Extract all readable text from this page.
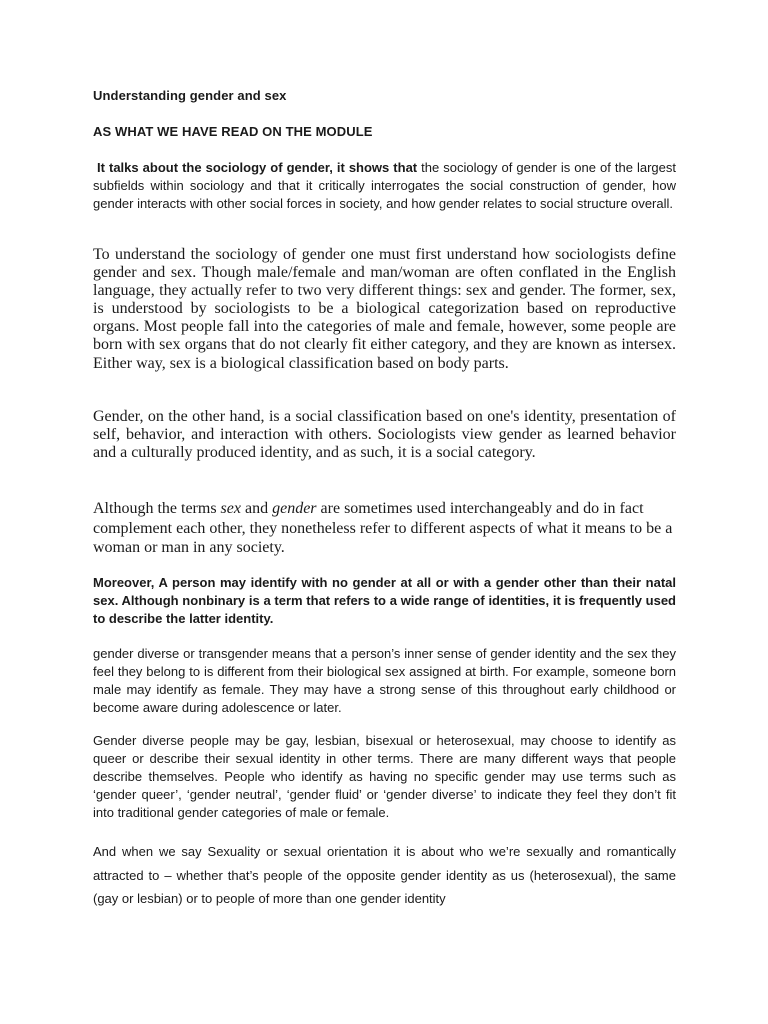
Understanding gender and sex
AS WHAT WE HAVE READ ON THE MODULE

It talks about the sociology of gender, it shows that the sociology of gender is one of the largest subfields within sociology and that it critically interrogates the social construction of gender, how gender interacts with other social forces in society, and how gender relates to social structure overall.

To understand the sociology of gender one must first understand how sociologists define gender and sex. Though male/female and man/woman are often conflated in the English language, they actually refer to two very different things: sex and gender. The former, sex, is understood by sociologists to be a biological categorization based on reproductive organs. Most people fall into the categories of male and female, however, some people are born with sex organs that do not clearly fit either category, and they are known as intersex. Either way, sex is a biological classification based on body parts.

Gender, on the other hand, is a social classification based on one's identity, presentation of self, behavior, and interaction with others. Sociologists view gender as learned behavior and a culturally produced identity, and as such, it is a social category.

Although the terms sex and gender are sometimes used interchangeably and do in fact complement each other, they nonetheless refer to different aspects of what it means to be a woman or man in any society.

Moreover, A person may identify with no gender at all or with a gender other than their natal sex. Although nonbinary is a term that refers to a wide range of identities, it is frequently used to describe the latter identity.

gender diverse or transgender means that a person’s inner sense of gender identity and the sex they feel they belong to is different from their biological sex assigned at birth. For example, someone born male may identify as female. They may have a strong sense of this throughout early childhood or become aware during adolescence or later.

Gender diverse people may be gay, lesbian, bisexual or heterosexual, may choose to identify as queer or describe their sexual identity in other terms. There are many different ways that people describe themselves. People who identify as having no specific gender may use terms such as ‘gender queer’, ‘gender neutral’, ‘gender fluid’ or ‘gender diverse’ to indicate they feel they don’t fit into traditional gender categories of male or female.

And when we say Sexuality or sexual orientation it is about who we’re sexually and romantically attracted to – whether that’s people of the opposite gender identity as us (heterosexual), the same (gay or lesbian) or to people of more than one gender identity
